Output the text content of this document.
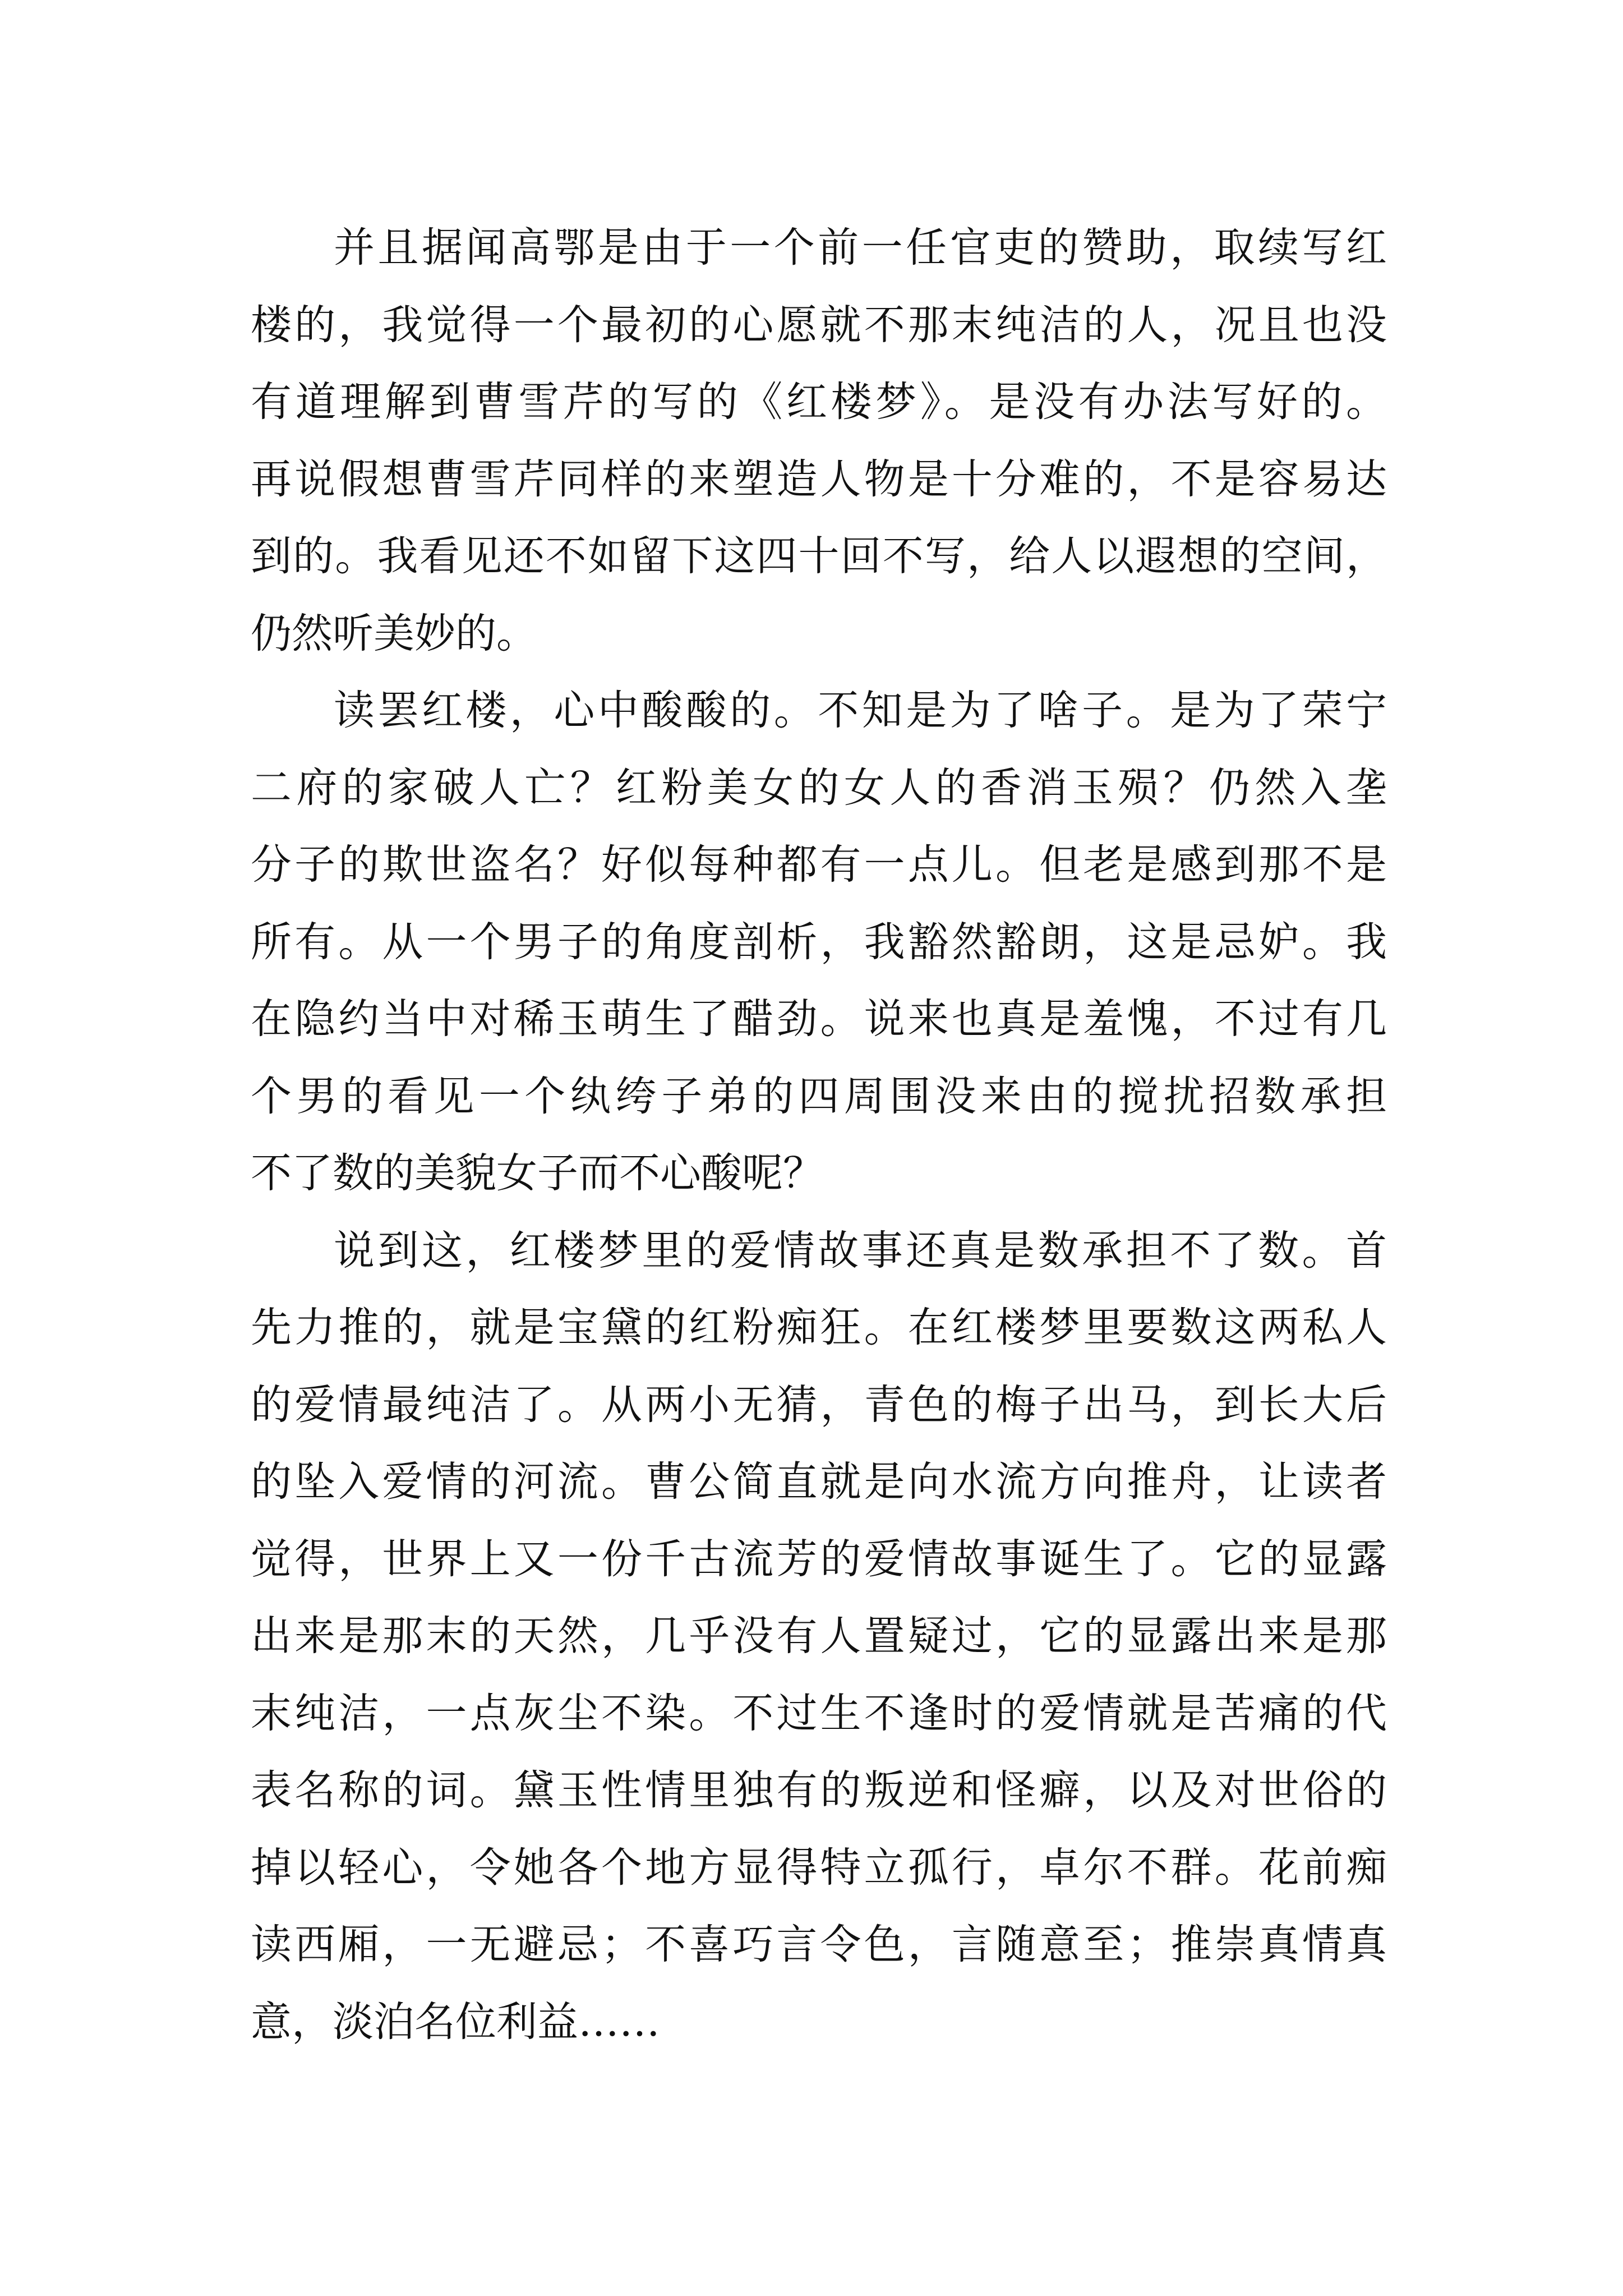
并且据闻高鄂是由于一个前一任官吏的赞助，取续写红
楼的，我觉得一个最初的心愿就不那末纯洁的人，况且也没
有道理解到曹雪芹的写的《红楼梦》。是没有办法写好的。
再说假想曹雪芹同样的来塑造人物是十分难的，不是容易达
到的。我看见还不如留下这四十回不写，给人以遐想的空间，
仍然听美妙的。
读罢红楼，心中酸酸的。不知是为了啥子。是为了荣宁
二府的家破人亡？红粉美女的女人的香消玉殒？仍然入垄
分子的欺世盗名？好似每种都有一点儿。但老是感到那不是
所有。从一个男子的角度剖析，我豁然豁朗，这是忌妒。我
在隐约当中对稀玉萌生了醋劲。说来也真是羞愧，不过有几
个男的看见一个纨绔子弟的四周围没来由的搅扰招数承担
不了数的美貌女子而不心酸呢？
说到这，红楼梦里的爱情故事还真是数承担不了数。首
先力推的，就是宝黛的红粉痴狂。在红楼梦里要数这两私人
的爱情最纯洁了。从两小无猜，青色的梅子出马，到长大后
的坠入爱情的河流。曹公简直就是向水流方向推舟，让读者
觉得，世界上又一份千古流芳的爱情故事诞生了。它的显露
出来是那末的天然，几乎没有人置疑过，它的显露出来是那
末纯洁，一点灰尘不染。不过生不逢时的爱情就是苦痛的代
表名称的词。黛玉性情里独有的叛逆和怪癖，以及对世俗的
掉以轻心，令她各个地方显得特立孤行，卓尔不群。花前痴
读西厢，一无避忌；不喜巧言令色，言随意至；推崇真情真
意，淡泊名位利益……
